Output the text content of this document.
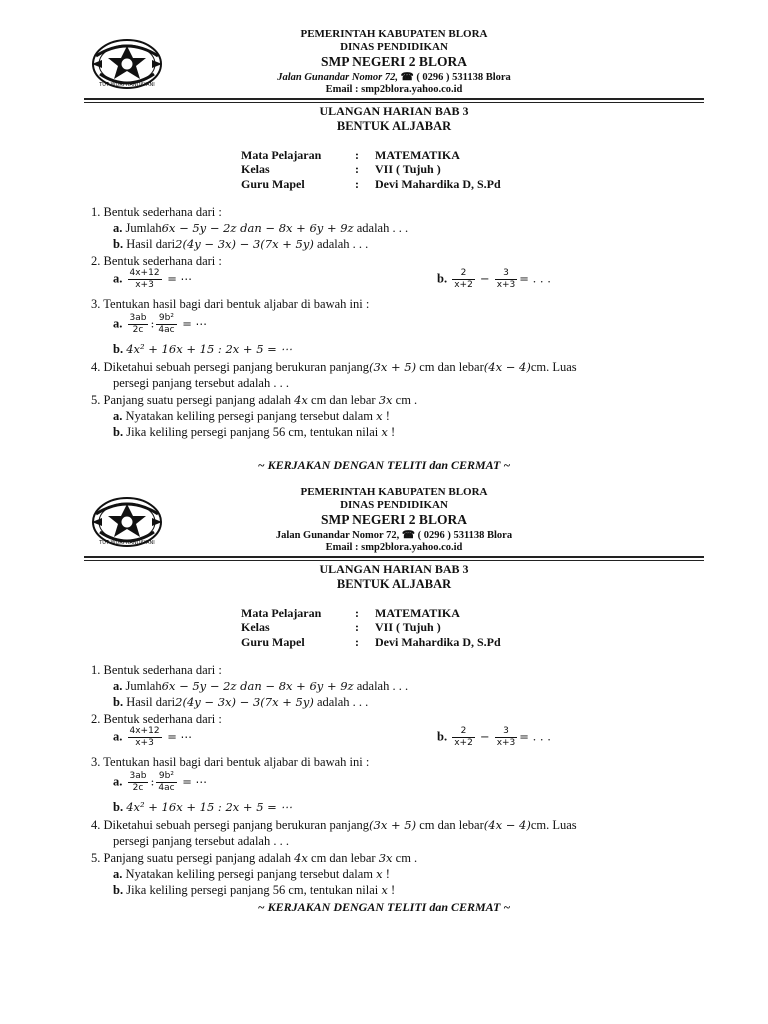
TUT WURI HANDAYANI
PEMERINTAH KABUPATEN BLORA
DINAS PENDIDIKAN
SMP NEGERI 2 BLORA
Jalan Gunandar Nomor 72, ☎ ( 0296 ) 531138 Blora
Email : smp2blora.yahoo.co.id
ULANGAN HARIAN BAB 3
BENTUK ALJABAR
Mata Pelajaran	: MATEMATIKA
Kelas	: VII ( Tujuh )
Guru Mapel	: Devi Mahardika D, S.Pd
1. Bentuk sederhana dari :
a. Jumlah6x − 5y − 2z dan − 8x + 6y + 9z adalah . . .
b. Hasil dari2(4y − 3x) − 3(7x + 5y) adalah . . .
2. Bentuk sederhana dari :
a. $\frac{4x+12}{x+3}$ = ⋯	b. $\frac{2}{x+2} - \frac{3}{x+3}$ = . . .
3. Tentukan hasil bagi dari bentuk aljabar di bawah ini :
a. $\frac{3ab}{2c}$ : $\frac{\text{9b²}}{4ac}$ = ⋯
b. 4x² + 16x + 15 : 2x + 5 = ⋯
4. Diketahui sebuah persegi panjang berukuran panjang(3x + 5) cm dan lebar(4x − 4)cm. Luas
persegi panjang tersebut adalah . . .
5. Panjang suatu persegi panjang adalah 4x cm dan lebar 3x cm .
a. Nyatakan keliling persegi panjang tersebut dalam x !
b. Jika keliling persegi panjang 56 cm, tentukan nilai x !
~ KERJAKAN DENGAN TELITI dan CERMAT ~
TUT WURI HANDAYANI
PEMERINTAH KABUPATEN BLORA
DINAS PENDIDIKAN
SMP NEGERI 2 BLORA
Jalan Gunandar Nomor 72, ☎ ( 0296 ) 531138 Blora
Email : smp2blora.yahoo.co.id
ULANGAN HARIAN BAB 3
BENTUK ALJABAR
Mata Pelajaran	: MATEMATIKA
Kelas	: VII ( Tujuh )
Guru Mapel	: Devi Mahardika D, S.Pd
1. Bentuk sederhana dari :
a. Jumlah6x − 5y − 2z dan − 8x + 6y + 9z adalah . . .
b. Hasil dari2(4y − 3x) − 3(7x + 5y) adalah . . .
2. Bentuk sederhana dari :
a. $\frac{4x+12}{x+3}$ = ⋯	b. $\frac{2}{x+2} - \frac{3}{x+3}$ = . . .
3. Tentukan hasil bagi dari bentuk aljabar di bawah ini :
a. $\frac{3ab}{2c}$ : $\frac{\text{9b²}}{4ac}$ = ⋯
b. 4x² + 16x + 15 : 2x + 5 = ⋯
4. Diketahui sebuah persegi panjang berukuran panjang(3x + 5) cm dan lebar(4x − 4)cm. Luas
persegi panjang tersebut adalah . . .
5. Panjang suatu persegi panjang adalah 4x cm dan lebar 3x cm .
a. Nyatakan keliling persegi panjang tersebut dalam x !
b. Jika keliling persegi panjang 56 cm, tentukan nilai x !
~ KERJAKAN DENGAN TELITI dan CERMAT ~
